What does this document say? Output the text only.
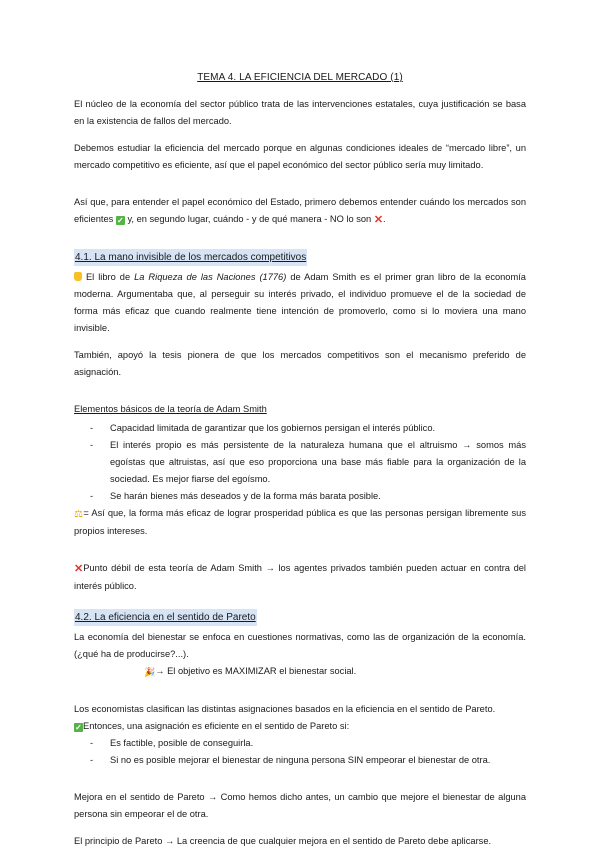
TEMA 4. LA EFICIENCIA DEL MERCADO (1)

El núcleo de la economía del sector público trata de las intervenciones estatales, cuya justificación se basa en la existencia de fallos del mercado.

Debemos estudiar la eficiencia del mercado porque en algunas condiciones ideales de “mercado libre”, un mercado competitivo es eficiente, así que el papel económico del sector público sería muy limitado.

Así que, para entender el papel económico del Estado, primero debemos entender cuándo los mercados son eficientes ✓ y, en segundo lugar, cuándo - y de qué manera - NO lo son ✕.

4.1. La mano invisible de los mercados competitivos

El libro de La Riqueza de las Naciones (1776) de Adam Smith es el primer gran libro de la economía moderna. Argumentaba que, al perseguir su interés privado, el individuo promueve el de la sociedad de forma más eficaz que cuando realmente tiene intención de promoverlo, como si lo moviera una mano invisible.

También, apoyó la tesis pionera de que los mercados competitivos son el mecanismo preferido de asignación.

Elementos básicos de la teoría de Adam Smith
- Capacidad limitada de garantizar que los gobiernos persigan el interés público.
- El interés propio es más persistente de la naturaleza humana que el altruismo → somos más egoístas que altruistas, así que eso proporciona una base más fiable para la organización de la sociedad. Es mejor fiarse del egoísmo.
- Se harán bienes más deseados y de la forma más barata posible.

⚖= Así que, la forma más eficaz de lograr prosperidad pública es que las personas persigan libremente sus propios intereses.

✕Punto débil de esta teoría de Adam Smith → los agentes privados también pueden actuar en contra del interés público.

4.2. La eficiencia en el sentido de Pareto

La economía del bienestar se enfoca en cuestiones normativas, como las de organización de la economía. (¿qué ha de producirse?...).

🎉→ El objetivo es MAXIMIZAR el bienestar social.

Los economistas clasifican las distintas asignaciones basados en la eficiencia en el sentido de Pareto.

✓Entonces, una asignación es eficiente en el sentido de Pareto si:
- Es factible, posible de conseguirla.
- Si no es posible mejorar el bienestar de ninguna persona SIN empeorar el bienestar de otra.

Mejora en el sentido de Pareto → Como hemos dicho antes, un cambio que mejore el bienestar de alguna persona sin empeorar el de otra.

El principio de Pareto → La creencia de que cualquier mejora en el sentido de Pareto debe aplicarse.
